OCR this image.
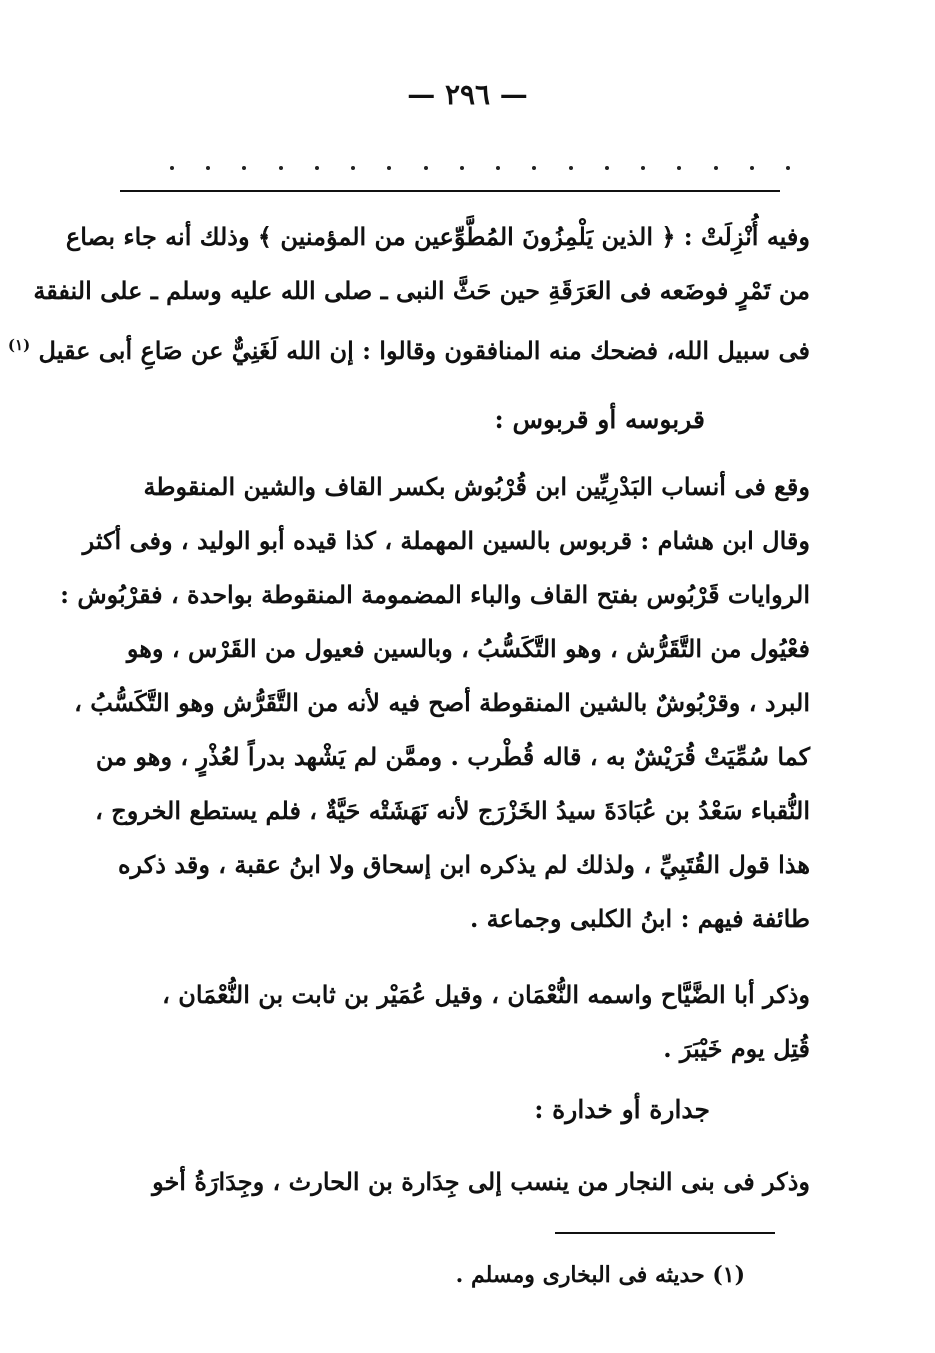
— ٢٩٦ —
وفيه أُنْزِلَتْ : ﴿ الذين يَلْمِزُونَ المُطَّوِّعين من المؤمنين ﴾ وذلك أنه جاء بصاع
من تَمْرٍ فوضَعه فى العَرَقَةِ حين حَثَّ النبى ـ صلى الله عليه وسلم ـ على النفقة
فى سبيل الله، فضحك منه المنافقون وقالوا : إن الله لَغَنِيٌّ عن صَاعِ أبى عقيل $^{(١)}$
قربوسه أو قربوس :
وقع فى أنساب البَدْرِيِّين ابن قُرْبُوش بكسر القاف والشين المنقوطة
وقال ابن هشام : قربوس بالسين المهملة ، كذا قيده أبو الوليد ، وفى أكثر
الروايات قَرْبُوس بفتح القاف والباء المضمومة المنقوطة بواحدة ، فقرْبُوش :
فعْيُول من التَّقَرُّش ، وهو التَّكَسُّبُ ، وبالسين فعيول من القَرْس ، وهو
البرد ، وقرْبُوشٌ بالشين المنقوطة أصح فيه لأنه من التَّقَرُّش وهو التَّكَسُّبُ ،
كما سُمِّيَتْ قُرَيْشٌ به ، قاله قُطْرب . وممَّن لم يَشْهد بدراً لعُذْرٍ ، وهو من
النُّقباء سَعْدُ بن عُبَادَةَ سيدُ الخَزْرَج لأنه نَهَشَتْه حَيَّةٌ ، فلم يستطع الخروج ،
هذا قول القُتَبِيِّ ، ولذلك لم يذكره ابن إسحاق ولا ابنُ عقبة ، وقد ذكره
طائفة فيهم : ابنُ الكلبى وجماعة .
وذكر أبا الضَّيَّاح واسمه النُّعْمَان ، وقيل عُمَيْر بن ثابت بن النُّعْمَان ،
قُتِل يوم خَيْبَرَ .
جدارة أو خدارة :
وذكر فى بنى النجار من ينسب إلى جِدَارة بن الحارث ، وجِدَارَةُ أخو
(١) حديثه فى البخارى ومسلم .
